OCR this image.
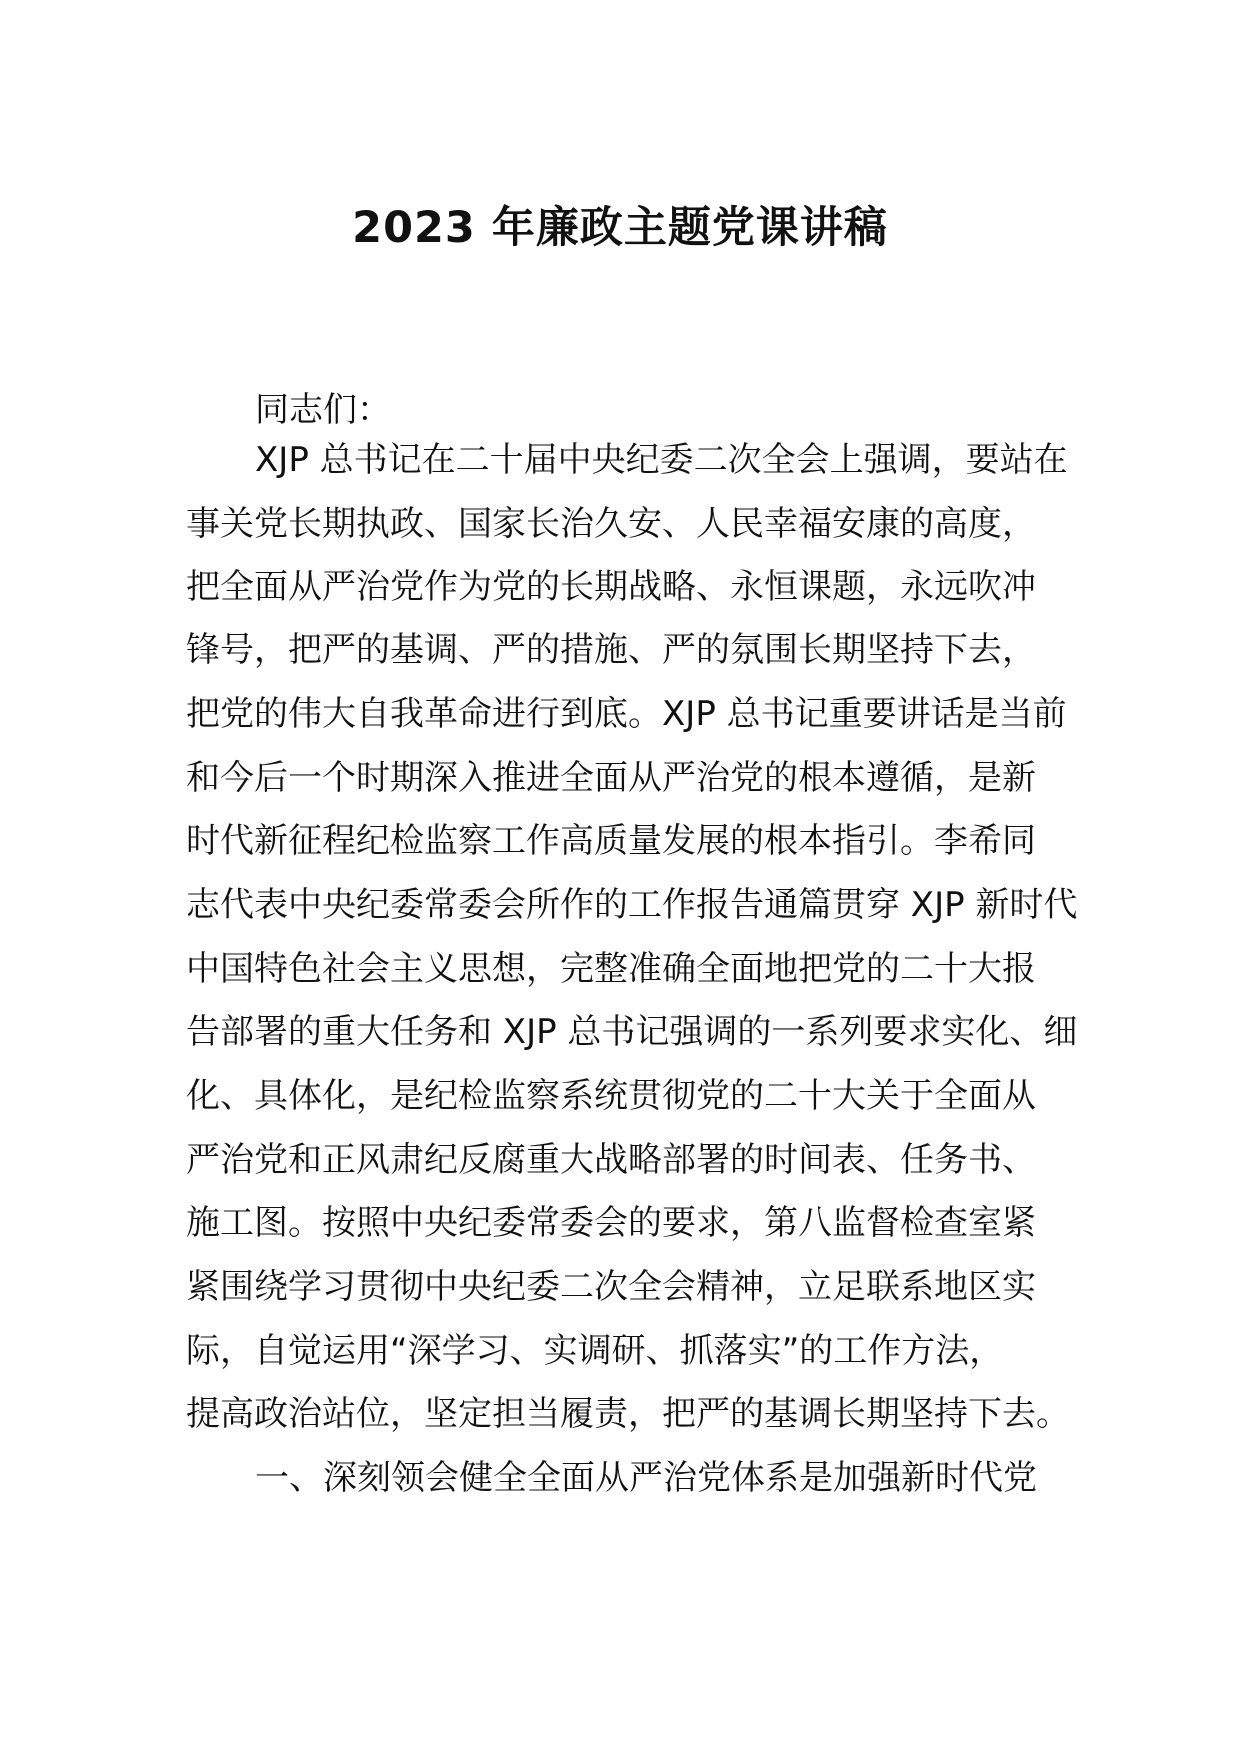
2023 年廉政主题党课讲稿
同志们：
XJP 总书记在二十届中央纪委二次全会上强调，要站在
事关党长期执政、国家长治久安、人民幸福安康的高度，
把全面从严治党作为党的长期战略、永恒课题，永远吹冲
锋号，把严的基调、严的措施、严的氛围长期坚持下去，
把党的伟大自我革命进行到底。XJP 总书记重要讲话是当前
和今后一个时期深入推进全面从严治党的根本遵循，是新
时代新征程纪检监察工作高质量发展的根本指引。李希同
志代表中央纪委常委会所作的工作报告通篇贯穿 XJP 新时代
中国特色社会主义思想，完整准确全面地把党的二十大报
告部署的重大任务和 XJP 总书记强调的一系列要求实化、细
化、具体化，是纪检监察系统贯彻党的二十大关于全面从
严治党和正风肃纪反腐重大战略部署的时间表、任务书、
施工图。按照中央纪委常委会的要求，第八监督检查室紧
紧围绕学习贯彻中央纪委二次全会精神，立足联系地区实
际，自觉运用“深学习、实调研、抓落实”的工作方法，
提高政治站位，坚定担当履责，把严的基调长期坚持下去。
一、深刻领会健全全面从严治党体系是加强新时代党
